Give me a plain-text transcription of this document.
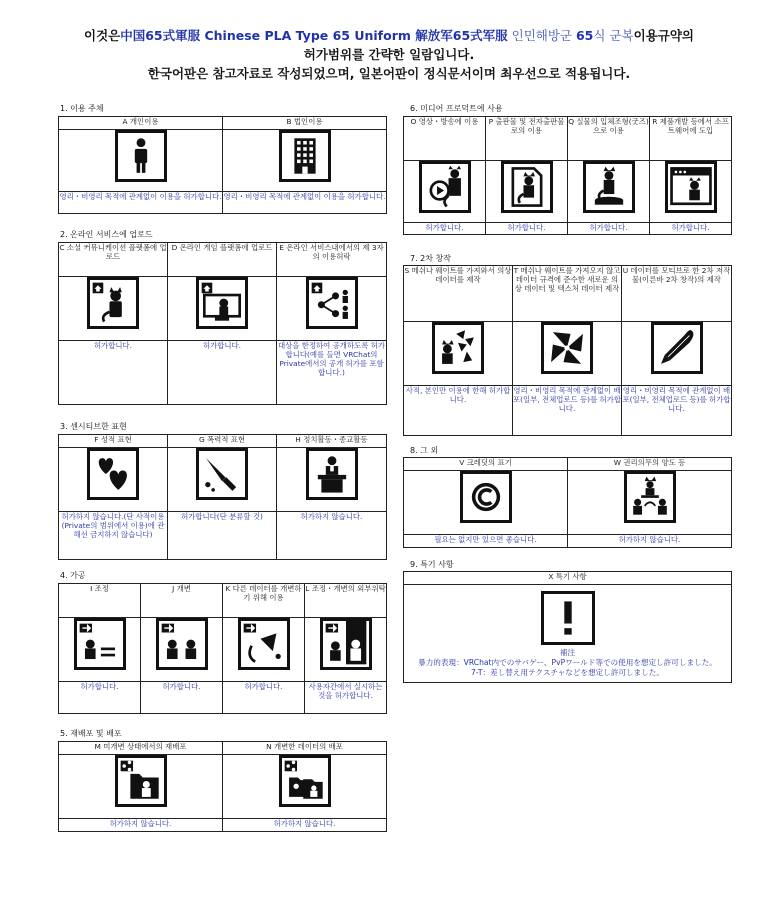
이것은中国65式軍服 Chinese PLA Type 65 Uniform 解放军65式军服 인민해방군 65식 군복이용규약의
허가범위를 간략한 일람입니다.
한국어판은 참고자료로 작성되었으며, 일본어판이 정식문서이며 최우선으로 적용됩니다.
1. 이용 주체
A 개인이용	B 법인이용

영리・비영리 목적에 관계없이 이용을 허가합니다.	영리・비영리 목적에 관계없이 이용을 허가합니다.
2. 온라인 서비스에 업로드
C 소셜 커뮤니케이션 플랫폼에 업로드	D 온라인 게임 플랫폼에 업로드	E 온라인 서비스내에서의 제 3자의 이용허락

허가합니다.	허가합니다.	대상을 한정하여 공개하도록 허가합니다(예를 들면 VRChat의 Private에서의 공개 허가를 포함합니다.)
3. 센시티브한 표현
F 성적 표현	G 폭력적 표현	H 정치활동・종교활동

허가하지 않습니다.(단 사적이용(Private의 범위에서 이용)에 관해선 금지하지 않습니다)	허가합니다(단 분류할 것)	허가하지 않습니다.
4. 가공
I 조정	J 개변	K 다른 데이터를 개변하기 위해 이용	L 조정・개변의 외부위탁

허가합니다.	허가합니다.	허가합니다.	사용자간에서 실시하는 것을 허가합니다.
5. 재배포 및 배포
M 미개변 상태에서의 재배포	N 개변한 데이터의 배포

허가하지 않습니다.	허가하지 않습니다.
6. 미디어 프로덕트에 사용
O 영상・방송에 이용	P 출판물 및 전자출판물로의 이용	Q 실물의 입체조형(굿즈)으로 이용	R 제품개발 등에서 소프트웨어에 도입

허가합니다.	허가합니다.	허가합니다.	허가합니다.
7. 2차 창작
S 메쉬나 웨이트를 가져와서 의상 데이터를 제작	T 메쉬나 웨이트를 가져오지 않고 데이터 규격에 준수한 새로운 의상 데이터 및 텍스처 데이터 제작	U 데이터를 모티브로 한 2차 저작물(이른바 2차 창작)의 제작

사적, 본인만 이용에 한해 허가합니다.	영리・비영리 목적에 관계없이 배포(일부, 전체업로드 등)를 허가합니다.	영리・비영리 목적에 관계없이 배포(일부, 전체업로드 등)를 허가합니다.
8. 그 외
V 크레딧의 표기	W 권리의무의 양도 등

필요는 없지만 있으면 좋습니다.	허가하지 않습니다.
9. 특기 사항
X 특기 사항

補注
暴力的表現：VRChat内でのサバゲー、PvPワールド等での使用を想定し許可しました。
7-T：差し替え用テクスチャなどを想定し許可しました。
